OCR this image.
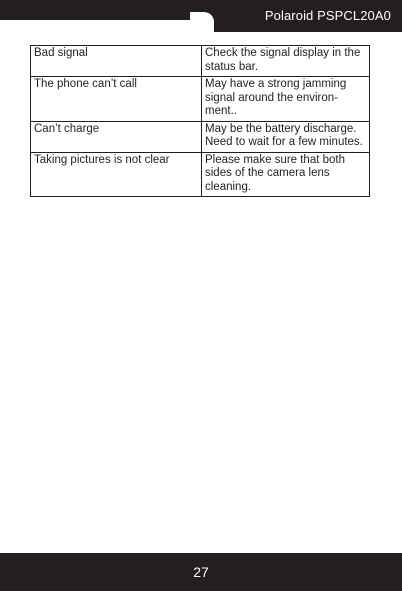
Polaroid PSPCL20A0
Bad signal	Check the signal display in the status bar.
The phone can’t call	May have a strong jamming signal around the environ-ment..
Can’t charge	May be the battery discharge. Need to wait for a few minutes.
Taking pictures is not clear	Please make sure that both sides of the camera lens cleaning.
27
